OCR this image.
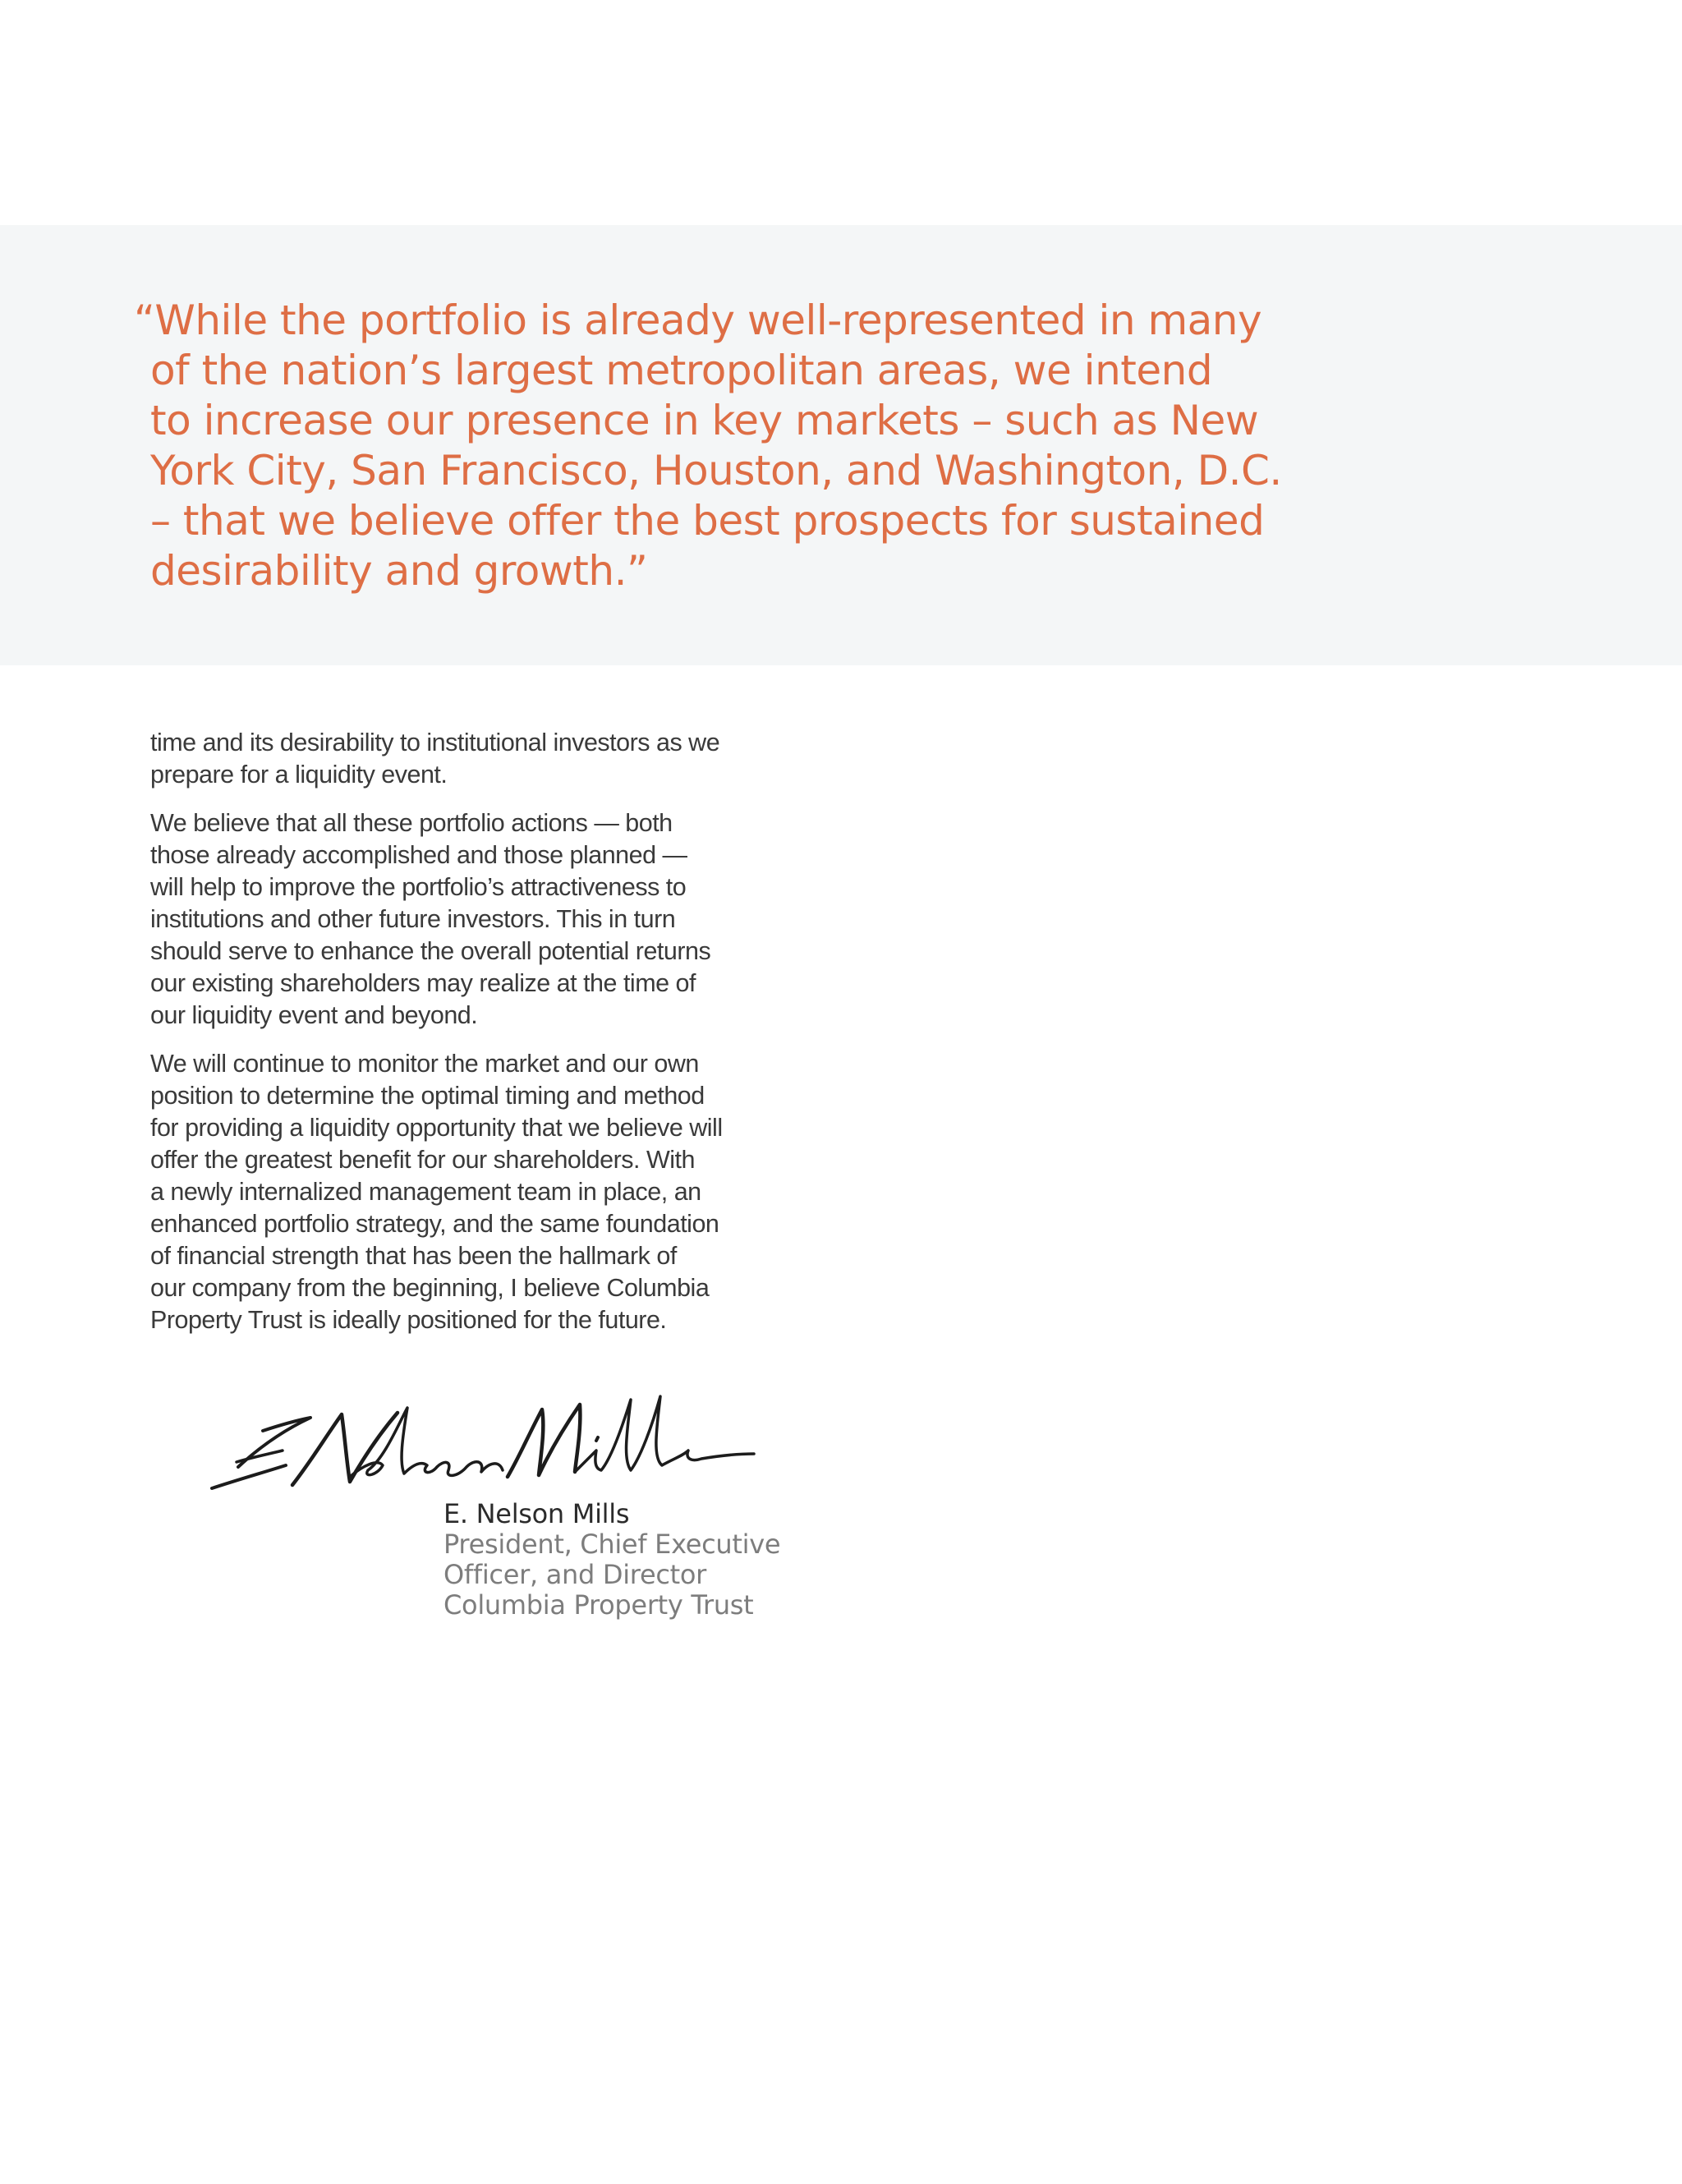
“While the portfolio is already well-represented in many
of the nation’s largest metropolitan areas, we intend
to increase our presence in key markets – such as New
York City, San Francisco, Houston, and Washington, D.C.
– that we believe offer the best prospects for sustained
desirability and growth.”

time and its desirability to institutional investors as we
prepare for a liquidity event.

We believe that all these portfolio actions — both
those already accomplished and those planned —
will help to improve the portfolio’s attractiveness to
institutions and other future investors. This in turn
should serve to enhance the overall potential returns
our existing shareholders may realize at the time of
our liquidity event and beyond.

We will continue to monitor the market and our own
position to determine the optimal timing and method
for providing a liquidity opportunity that we believe will
offer the greatest benefit for our shareholders. With
a newly internalized management team in place, an
enhanced portfolio strategy, and the same foundation
of financial strength that has been the hallmark of
our company from the beginning, I believe Columbia
Property Trust is ideally positioned for the future.

E. Nelson Mills
President, Chief Executive
Officer, and Director
Columbia Property Trust
